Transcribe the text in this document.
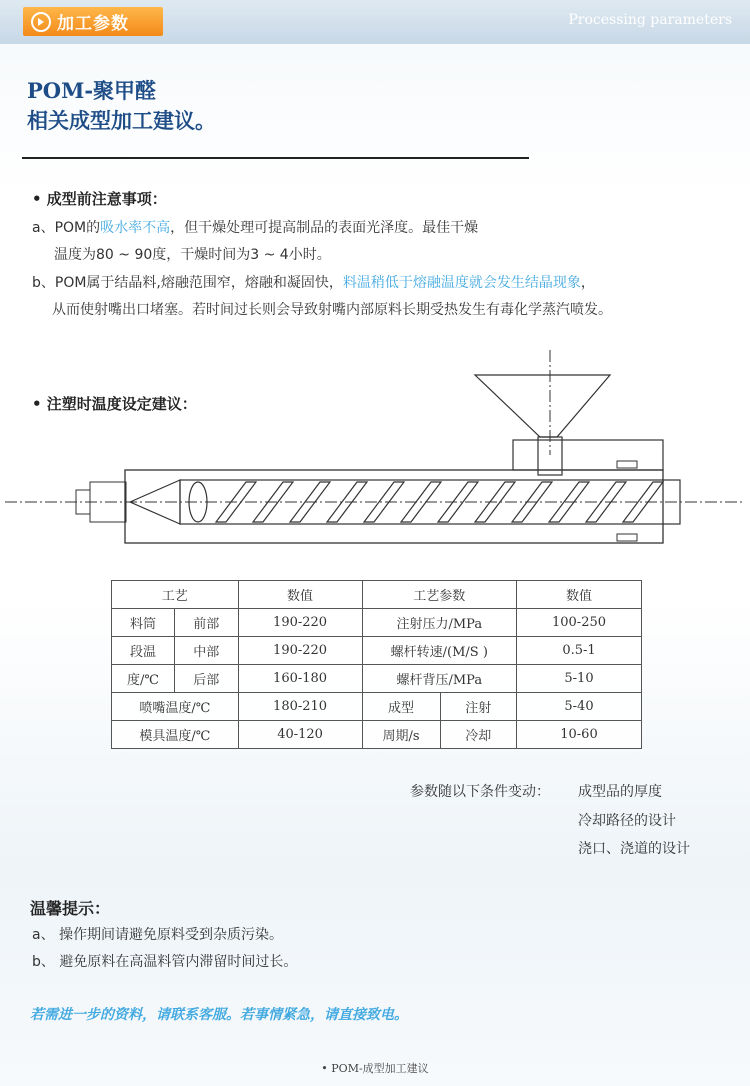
加工参数	Processing parameters
POM-聚甲醛
相关成型加工建议。
• 成型前注意事项：
a、POM的吸水率不高，但干燥处理可提高制品的表面光泽度。最佳干燥
温度为80 ~ 90度，干燥时间为3 ~ 4小时。
b、POM属于结晶料,熔融范围窄，熔融和凝固快，料温稍低于熔融温度就会发生结晶现象，
从而使射嘴出口堵塞。若时间过长则会导致射嘴内部原料长期受热发生有毒化学蒸汽喷发。
• 注塑时温度设定建议：
工艺		数值	工艺参数		数值
料筒	前部	190-220	注射压力/MPa		100-250
段温	中部	190-220	螺杆转速/(M/S )		0.5-1
度/℃	后部	160-180	螺杆背压/MPa		5-10
喷嘴温度/℃		180-210	成型	注射	5-40
模具温度/℃		40-120	周期/s	冷却	10-60
参数随以下条件变动： 成型品的厚度
冷却路径的设计
浇口、浇道的设计
温馨提示：
a、 操作期间请避免原料受到杂质污染。
b、 避免原料在高温料管内滞留时间过长。
若需进一步的资料，请联系客服。若事情紧急，请直接致电。
• POM-成型加工建议
